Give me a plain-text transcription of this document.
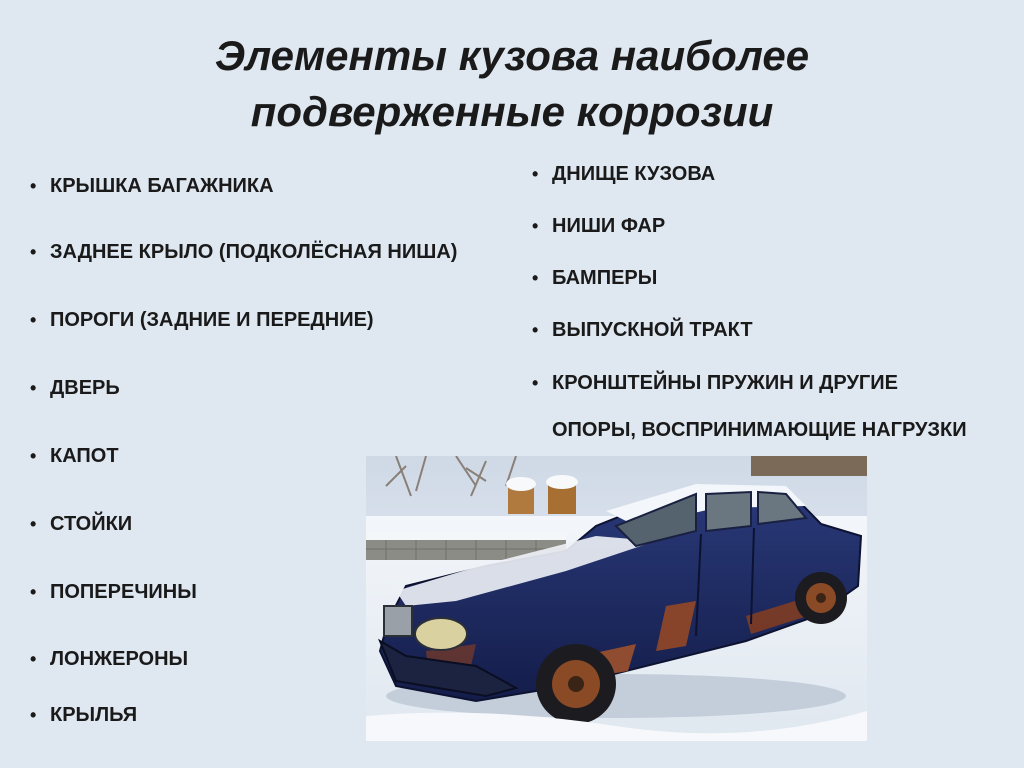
Элементы кузова наиболее
подверженные коррозии
• КРЫШКА БАГАЖНИКА
• ЗАДНЕЕ КРЫЛО (ПОДКОЛЁСНАЯ НИША)
• ПОРОГИ (ЗАДНИЕ И ПЕРЕДНИЕ)
• ДВЕРЬ
• КАПОТ
• СТОЙКИ
• ПОПЕРЕЧИНЫ
• ЛОНЖЕРОНЫ
• КРЫЛЬЯ
• ДНИЩЕ КУЗОВА
• НИШИ ФАР
• БАМПЕРЫ
• ВЫПУСКНОЙ ТРАКТ
• КРОНШТЕЙНЫ ПРУЖИН И ДРУГИЕ
ОПОРЫ, ВОСПРИНИМАЮЩИЕ НАГРУЗКИ
